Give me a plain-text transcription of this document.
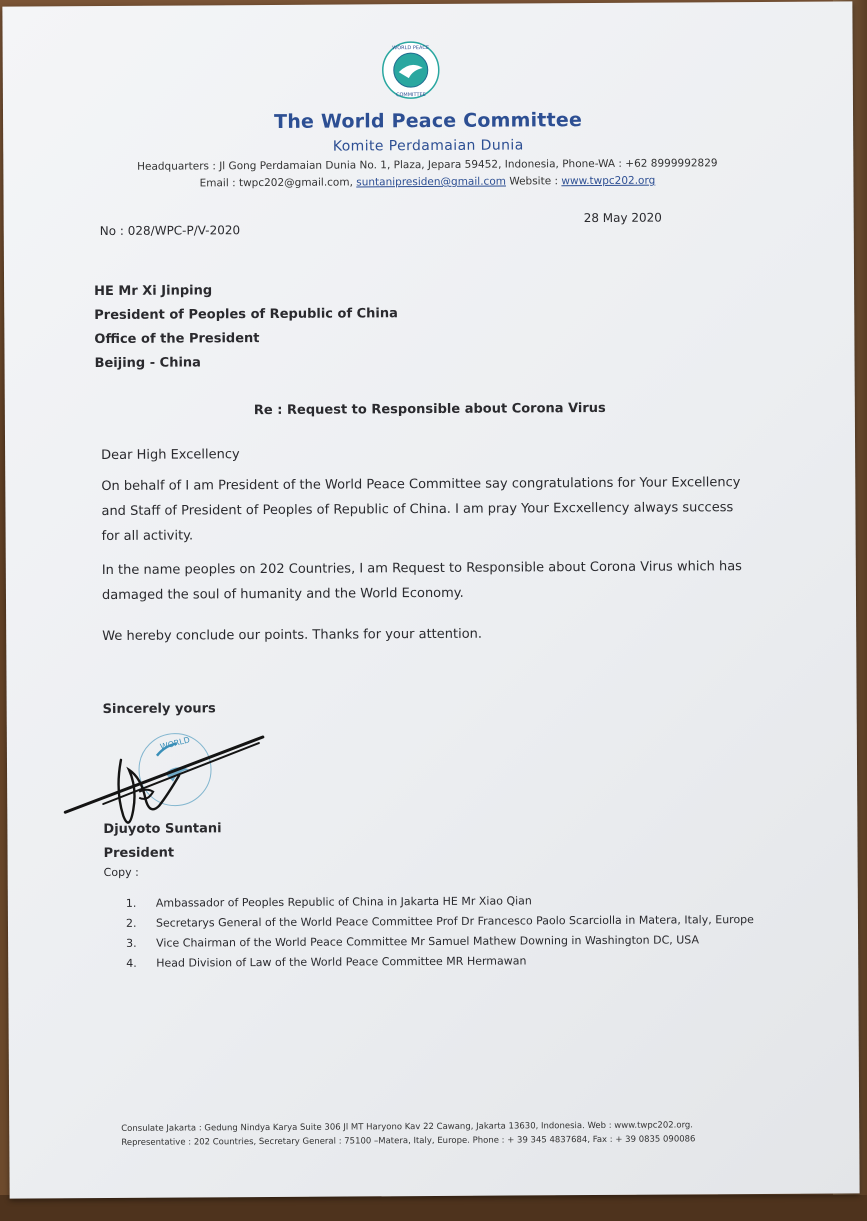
WORLD PEACE
COMMITTEE
The World Peace Committee
Komite Perdamaian Dunia
Headquarters : Jl Gong Perdamaian Dunia No. 1, Plaza, Jepara 59452, Indonesia, Phone-WA : +62 8999992829
Email : twpc202@gmail.com, suntanipresiden@gmail.com Website : www.twpc202.org
No : 028/WPC-P/V-2020
28 May 2020
HE Mr Xi Jinping
President of Peoples of Republic of China
Office of the President
Beijing - China
Re : Request to Responsible about Corona Virus
Dear High Excellency
On behalf of I am President of the World Peace Committee say congratulations for Your Excellency and Staff of President of Peoples of Republic of China. I am pray Your Excxellency always success for all activity.
In the name peoples on 202 Countries, I am Request to Responsible about Corona Virus which has damaged the soul of humanity and the World Economy.
We hereby conclude our points. Thanks for your attention.
Sincerely yours
WORLD
Djuyoto Suntani
President
Copy :
1.	Ambassador of Peoples Republic of China in Jakarta HE Mr Xiao Qian
2.	Secretarys General of the World Peace Committee Prof Dr Francesco Paolo Scarciolla in Matera, Italy, Europe
3.	Vice Chairman of the World Peace Committee Mr Samuel Mathew Downing in Washington DC, USA
4.	Head Division of Law of the World Peace Committee MR Hermawan
Consulate Jakarta : Gedung Nindya Karya Suite 306 Jl MT Haryono Kav 22 Cawang, Jakarta 13630, Indonesia. Web : www.twpc202.org.
Representative : 202 Countries, Secretary General : 75100 –Matera, Italy, Europe. Phone : + 39 345 4837684, Fax : + 39 0835 090086
